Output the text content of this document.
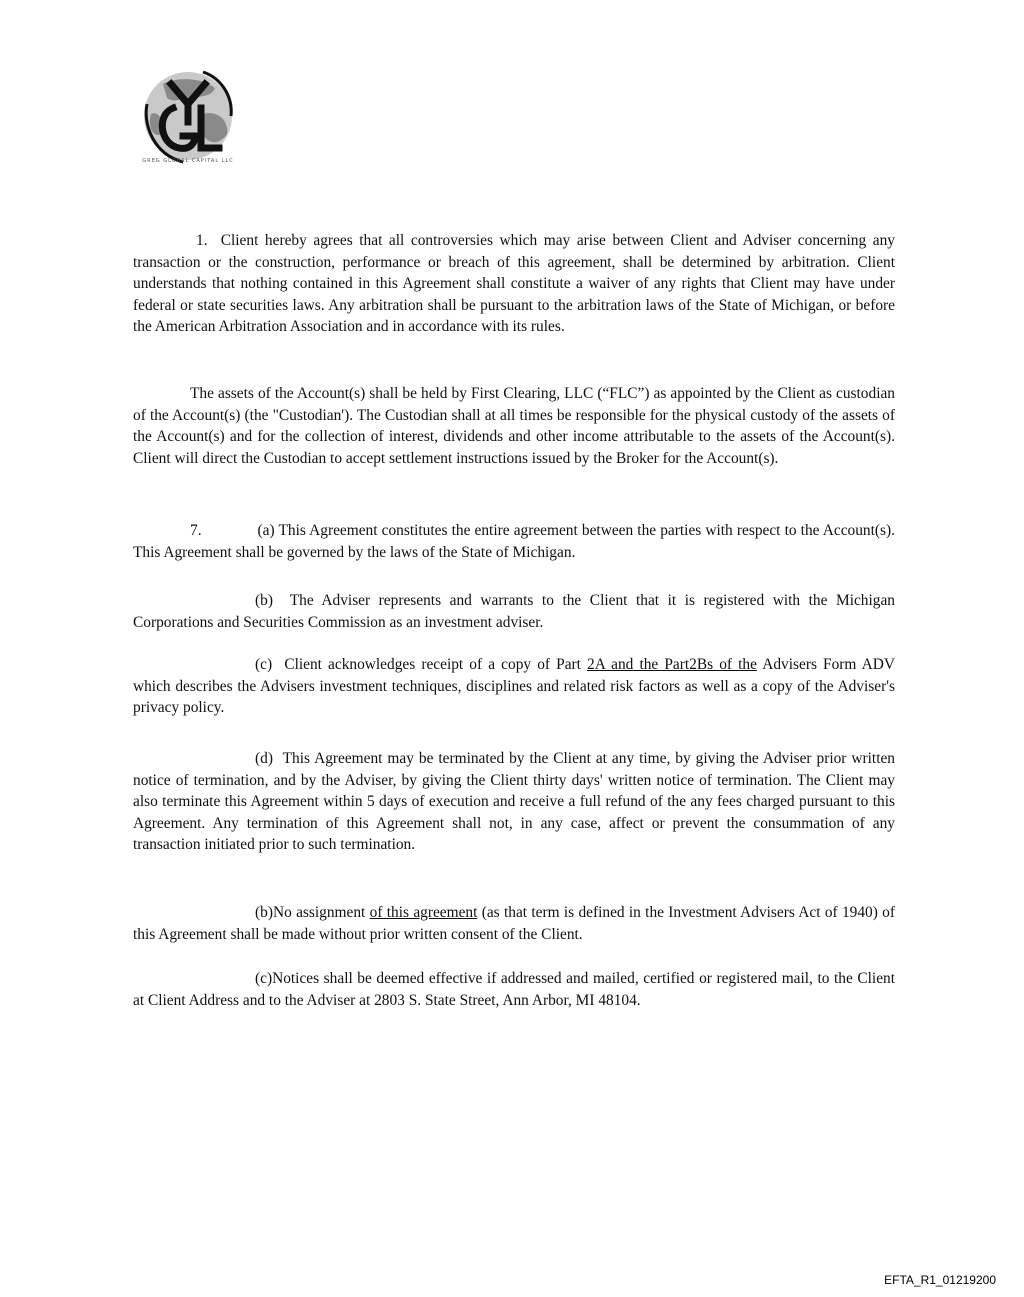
GREG GLOBAL CAPITAL LLC

1. Client hereby agrees that all controversies which may arise between Client and Adviser concerning any transaction or the construction, performance or breach of this agreement, shall be determined by arbitration. Client understands that nothing contained in this Agreement shall constitute a waiver of any rights that Client may have under federal or state securities laws. Any arbitration shall be pursuant to the arbitration laws of the State of Michigan, or before the American Arbitration Association and in accordance with its rules.

The assets of the Account(s) shall be held by First Clearing, LLC (“FLC”) as appointed by the Client as custodian of the Account(s) (the "Custodian'). The Custodian shall at all times be responsible for the physical custody of the assets of the Account(s) and for the collection of interest, dividends and other income attributable to the assets of the Account(s). Client will direct the Custodian to accept settlement instructions issued by the Broker for the Account(s).

7.	(a) This Agreement constitutes the entire agreement between the parties with respect to the Account(s). This Agreement shall be governed by the laws of the State of Michigan.

(b) The Adviser represents and warrants to the Client that it is registered with the Michigan Corporations and Securities Commission as an investment adviser.

(c) Client acknowledges receipt of a copy of Part 2A and the Part2Bs of the Advisers Form ADV which describes the Advisers investment techniques, disciplines and related risk factors as well as a copy of the Adviser's privacy policy.

(d) This Agreement may be terminated by the Client at any time, by giving the Adviser prior written notice of termination, and by the Adviser, by giving the Client thirty days' written notice of termination. The Client may also terminate this Agreement within 5 days of execution and receive a full refund of the any fees charged pursuant to this Agreement. Any termination of this Agreement shall not, in any case, affect or prevent the consummation of any transaction initiated prior to such termination.

(b)No assignment of this agreement (as that term is defined in the Investment Advisers Act of 1940) of this Agreement shall be made without prior written consent of the Client.

(c)Notices shall be deemed effective if addressed and mailed, certified or registered mail, to the Client at Client Address and to the Adviser at 2803 S. State Street, Ann Arbor, MI 48104.

EFTA_R1_01219200
